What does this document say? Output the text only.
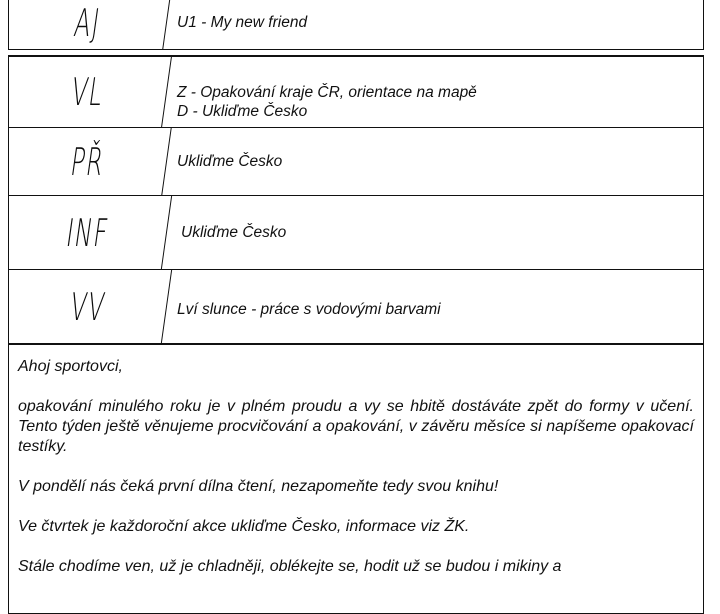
AJ	U1 - My new friend
VL	Z - Opakování kraje ČR, orientace na mapě
D - Ukliďme Česko
PŘ	Ukliďme Česko
INF	Ukliďme Česko
VV	Lví slunce - práce s vodovými barvami

Ahoj sportovci,

opakování minulého roku je v plném proudu a vy se hbitě dostáváte zpět do formy v učení. Tento týden ještě věnujeme procvičování a opakování, v závěru měsíce si napíšeme opakovací testíky.

V pondělí nás čeká první dílna čtení, nezapomeňte tedy svou knihu!

Ve čtvrtek je každoroční akce ukliďme Česko, informace viz ŽK.

Stále chodíme ven, už je chladněji, oblékejte se, hodit už se budou i mikiny a
